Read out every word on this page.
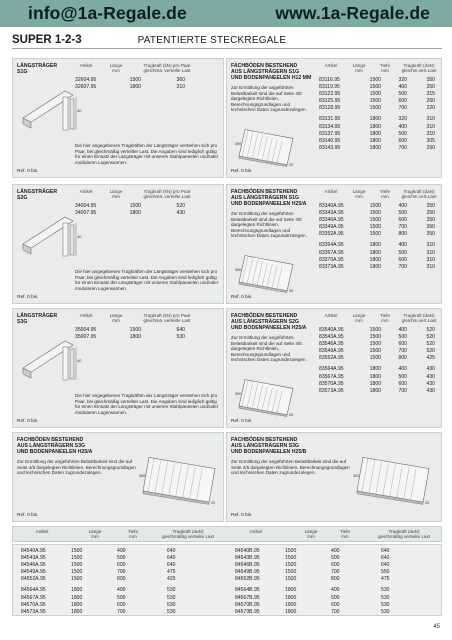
info@1a-Regale.de	www.1a-Regale.de
SUPER 1-2-3	PATENTIERTE STECKREGALE
LÄNGSTRÄGER
S1G
Artikel	Länge
mm
Tragkraft (kN) pro Paar
gleichmä. verteilte Last
32604.95	1500	360
32607.95	1800	310
40
Die hier angegebenen Tragkräften der Längsträger verstehen sich pro Paar, bei gleichmäßig verteilter Last. Die Angaben sind lediglich gültig für einen Einsatz der Längsträger mit unseren Stahlpaneelen und/oder modularen Lagerwannen.
Ref. 0 bis
FACHBÖDEN BESTEHEND
AUS LÄNGSTRÄGERN S1G
UND BODENPANEELEN H12 MM
Zur Ermittlung der angeführten Belastbarkeit sind die auf Seite 4/5 dargelegten Richtlinien, Berechnungsgrundlagen und technischen Daten zugrundezulegen.
Artikel	Länge
mm
Tiefe
mm
Tragkraft (daN)
gleichm.vert.Last
83116.95	1500	320	350
83119.95	1500	400	350
83122.95	1500	500	315
83125.95	1500	600	260
83128.95	1500	700	220
83131.95	1800	320	310
83134.95	1800	400	310
83137.95	1800	500	310
83140.95	1800	600	305
83143.95	1800	700	260
300
20
Ref. 0 bis
LÄNGSTRÄGER
S2G
Artikel	Länge
mm
Tragkraft (kN) pro Paar
gleichmä. verteilte Last
34004.95	1500	520
34007.95	1800	430
40
Die hier angegebenen Tragkräften der Längsträger verstehen sich pro Paar, bei gleichmäßig verteilter Last. Die Angaben sind lediglich gültig für einen Einsatz der Längsträger mit unseren Stahlpaneelen und/oder modularen Lagerwannen.
Ref. 0 bis
FACHBÖDEN BESTEHEND
AUS LÄNGSTRÄGERN S1G
UND BODENPANEELEN H25/A
Zur Ermittlung der angeführten Belastbarkeit sind die auf Seite 4/5 dargelegten Richtlinien, Berechnungsgrundlagen und technischen Daten zugrundezulegen.
Artikel	Länge
mm
Tiefe
mm
Tragkraft (daN)
gleichm.vert.Last
83340A.95	1500	400	350
83343A.95	1500	500	350
83346A.95	1500	600	350
83349A.95	1500	700	350
83352A.95	1500	800	350
83364A.95	1800	400	310
83367A.95	1800	500	310
83370A.95	1800	600	310
83373A.95	1800	700	310
300
20
Ref. 0 bis
LÄNGSTRÄGER
S3G
Artikel	Länge
mm
Tragkraft (kN) pro Paar
gleichmä. verteilte Last
35004.95	1500	640
35007.95	1800	530
40
Die hier angegebenen Tragkräften der Längsträger verstehen sich pro Paar, bei gleichmäßig verteilter Last. Die Angaben sind lediglich gültig für einen Einsatz der Längsträger mit unseren Stahlpaneelen und/oder modularen Lagerwannen.
Ref. 0 bis
FACHBÖDEN BESTEHEND
AUS LÄNGSTRÄGERN S2G
UND BODENPANEELEN H25/A
Zur Ermittlung der angeführten Belastbarkeit sind die auf Seite 4/5 dargelegten Richtlinien, Berechnungsgrundlagen und technischen Daten zugrundezulegen.
Artikel	Länge
mm
Tiefe
mm
Tragkraft (daN)
gleichm.vert.Last
83540A.95	1500	400	520
83543A.95	1500	500	520
83546A.95	1500	600	520
83549A.95	1500	700	520
83552A.95	1500	800	425
83564A.95	1800	400	430
83567A.95	1800	500	430
83570A.95	1800	600	430
83573A.95	1800	700	430
300
20
Ref. 0 bis
FACHBÖDEN BESTEHEND
AUS LÄNGSTRÄGERN S3G
UND BODENPANEELEN H25/A
Zur Ermittlung der angeführten Belastbarkeit sind die auf Seite 4/5 dargelegten Richtlinien, Berechnungsgrundlagen und technischen Daten zugrundezulegen.
300
20
Ref. 0 bis
FACHBÖDEN BESTEHEND
AUS LÄNGSTRÄGERN S3G
UND BODENPANEELEN H25/B
Zur Ermittlung der angeführten Belastbarkeit sind die auf Seite 4/5 dargelegten Richtlinien, Berechnungsgrundlagen und technischen Daten zugrundezulegen.
300
20
Ref. 0 bis
Artikel	Länge
mm
Tiefe
mm
Tragkraft (daN)
gleichmäßig verteilte Last
Artikel	Länge
mm
Tiefe
mm
Tragkraft (daN)
gleichmäßig verteilte Last
84540A.95	1500	400	640
84543A.95	1500	500	640
84546A.95	1500	600	640
84549A.95	1500	700	475
84552A.95	1500	800	425
84564A.95	1800	400	530
84567A.95	1800	500	530
84570A.95	1800	600	530
84573A.95	1800	700	530
84540B.95	1500	400	640
84543B.95	1500	500	640
84546B.95	1500	600	640
84549B.95	1500	700	550
84552B.95	1500	800	475
84564B.95	1800	400	530
84567B.95	1800	500	530
84570B.95	1800	600	530
84573B.95	1800	700	530
45
